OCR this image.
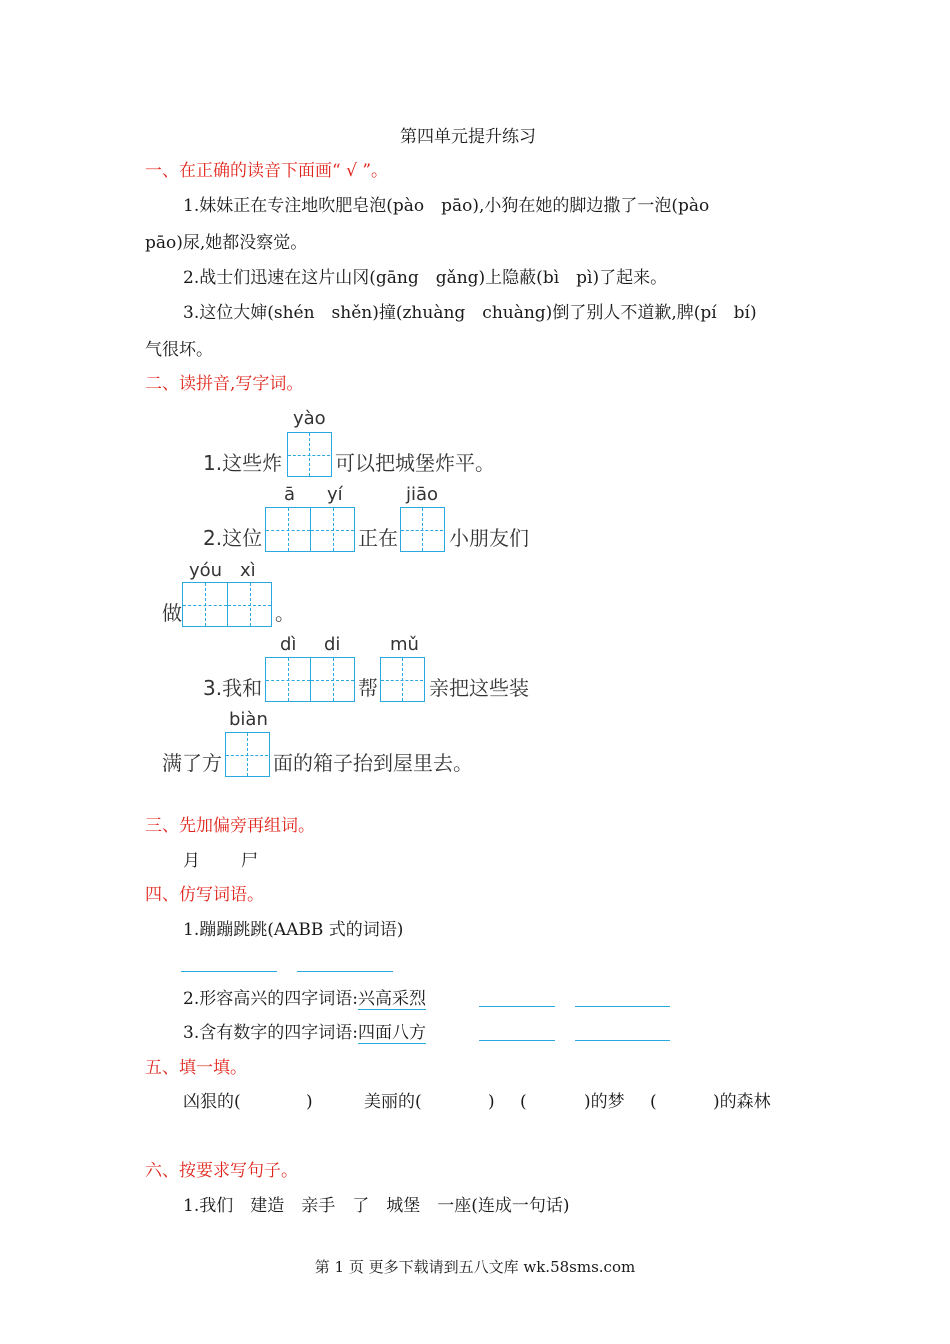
第四单元提升练习
一、在正确的读音下面画“ √ ”。
1.妹妹正在专注地吹肥皂泡(pào　pāo),小狗在她的脚边撒了一泡(pào
pāo)尿,她都没察觉。
2.战士们迅速在这片山冈(gāng　gǎng)上隐蔽(bì　pì)了起来。
3.这位大婶(shén　shěn)撞(zhuàng　chuàng)倒了别人不道歉,脾(pí　bí)
气很坏。
二、读拼音,写字词。
1.这些炸
yào
可以把城堡炸平。
2.这位
ā yí
正在
jiāo
小朋友们
做
yóu xì
。
3.我和
dì di
帮
mǔ
亲把这些装
满了方
biàn
面的箱子抬到屋里去。
三、先加偏旁再组词。
月 尸
四、仿写词语。
1.蹦蹦跳跳(AABB 式的词语)
2.形容高兴的四字词语:兴高采烈
3.含有数字的四字词语:四面八方
五、填一填。
凶狠的(	)	美丽的(	) (	)的梦 (	)的森林
六、按要求写句子。
1.我们　建造　亲手　了　城堡　一座(连成一句话)
第 1 页 更多下载请到五八文库 wk.58sms.com
